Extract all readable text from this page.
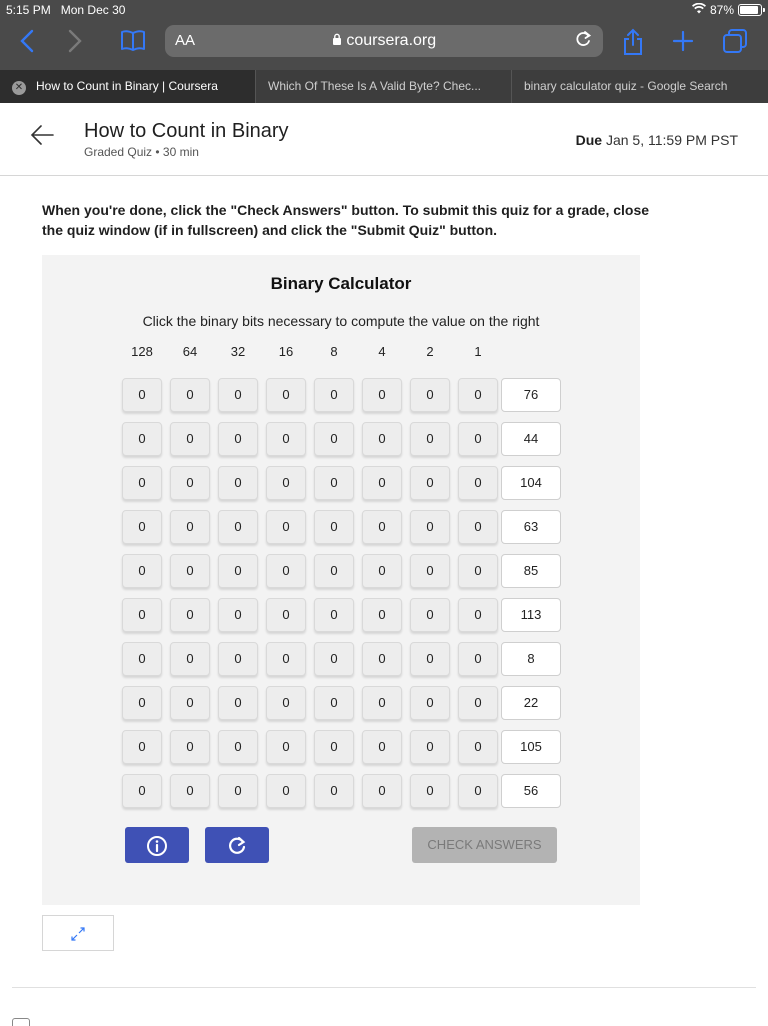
5:15 PM Mon Dec 30	87%
AA	coursera.org
✕ How to Count in Binary | Coursera	Which Of These Is A Valid Byte? Chec...	binary calculator quiz - Google Search
How to Count in Binary
Graded Quiz • 30 min
Due Jan 5, 11:59 PM PST
When you're done, click the "Check Answers" button. To submit this quiz for a grade, close the quiz window (if in fullscreen) and click the "Submit Quiz" button.
Binary Calculator
Click the binary bits necessary to compute the value on the right
128	64	32	16	8	4	2	1
0	0	0	0	0	0	0	0	76
0	0	0	0	0	0	0	0	44
0	0	0	0	0	0	0	0	104
0	0	0	0	0	0	0	0	63
0	0	0	0	0	0	0	0	85
0	0	0	0	0	0	0	0	113
0	0	0	0	0	0	0	0	8
0	0	0	0	0	0	0	0	22
0	0	0	0	0	0	0	0	105
0	0	0	0	0	0	0	0	56
CHECK ANSWERS
